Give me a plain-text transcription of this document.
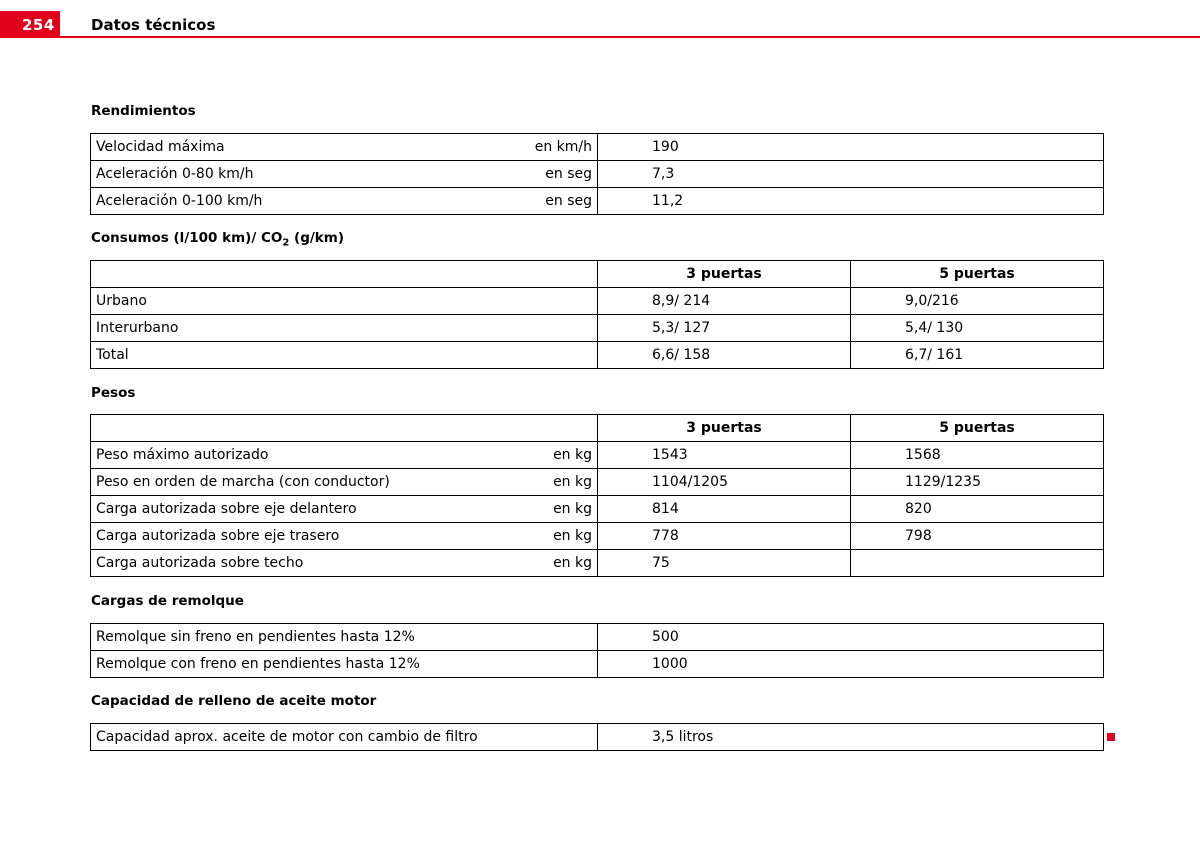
254 Datos técnicos
Rendimientos
Velocidad máxima en km/h	190
Aceleración 0-80 km/h en seg	7,3
Aceleración 0-100 km/h en seg	11,2
Consumos (l/100 km)/ $CO_2$ (g/km)
	3 puertas	5 puertas
Urbano	8,9/ 214	9,0/216
Interurbano	5,3/ 127	5,4/ 130
Total	6,6/ 158	6,7/ 161
Pesos
	3 puertas	5 puertas
Peso máximo autorizado en kg	1543	1568
Peso en orden de marcha (con conductor) en kg	1104/1205	1129/1235
Carga autorizada sobre eje delantero en kg	814	820
Carga autorizada sobre eje trasero en kg	778	798
Carga autorizada sobre techo en kg	75	
Cargas de remolque
Remolque sin freno en pendientes hasta 12%	500
Remolque con freno en pendientes hasta 12%	1000
Capacidad de relleno de aceite motor
Capacidad aprox. aceite de motor con cambio de filtro	3,5 litros
